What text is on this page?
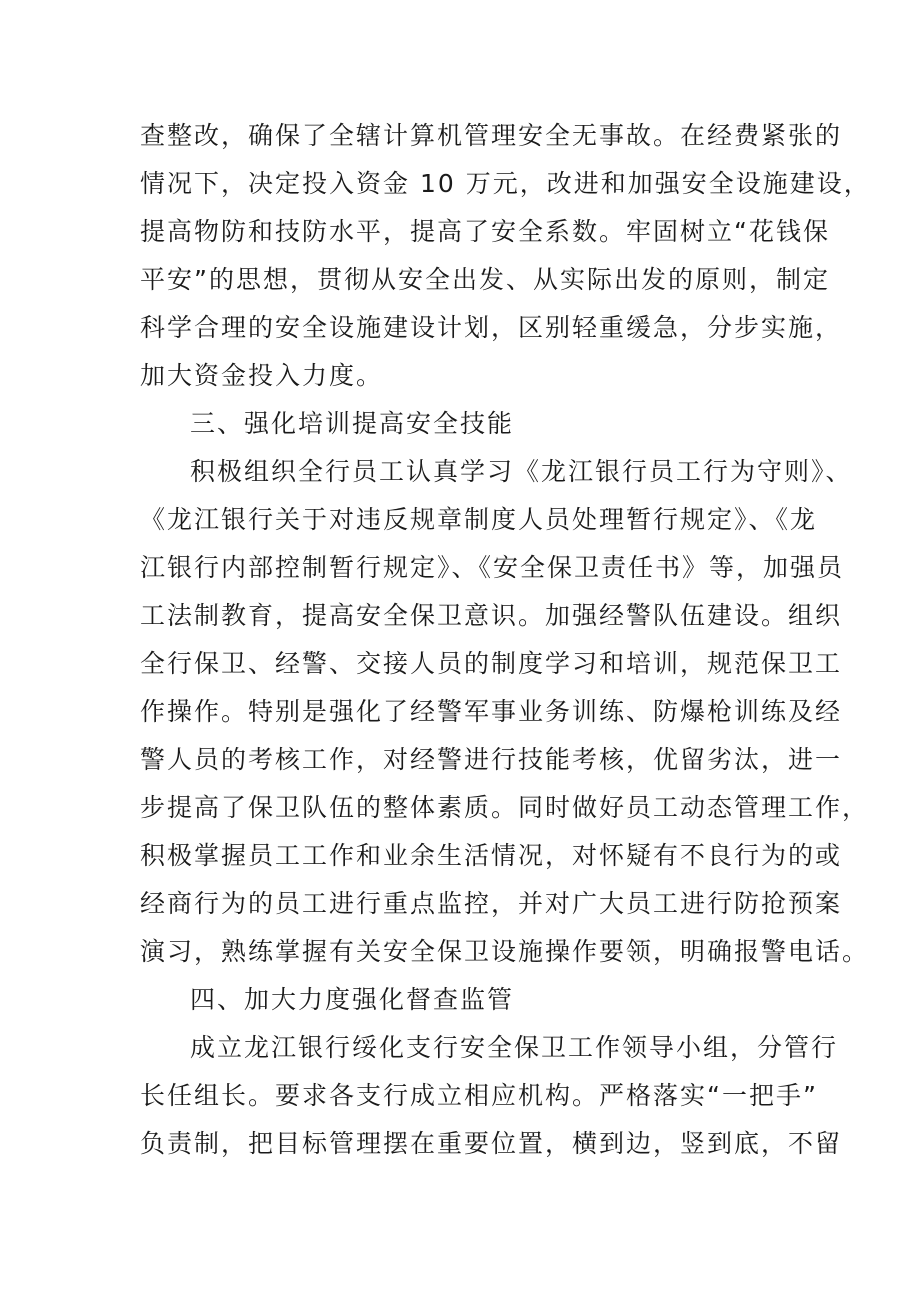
查整改，确保了全辖计算机管理安全无事故。在经费紧张的
情况下，决定投入资金 10 万元，改进和加强安全设施建设，
提高物防和技防水平，提高了安全系数。牢固树立“花钱保
平安”的思想，贯彻从安全出发、从实际出发的原则，制定
科学合理的安全设施建设计划，区别轻重缓急，分步实施，
加大资金投入力度。
三、强化培训提高安全技能
积极组织全行员工认真学习《龙江银行员工行为守则》、
《龙江银行关于对违反规章制度人员处理暂行规定》、《龙
江银行内部控制暂行规定》、《安全保卫责任书》等，加强员
工法制教育，提高安全保卫意识。加强经警队伍建设。组织
全行保卫、经警、交接人员的制度学习和培训，规范保卫工
作操作。特别是强化了经警军事业务训练、防爆枪训练及经
警人员的考核工作，对经警进行技能考核，优留劣汰，进一
步提高了保卫队伍的整体素质。同时做好员工动态管理工作，
积极掌握员工工作和业余生活情况，对怀疑有不良行为的或
经商行为的员工进行重点监控，并对广大员工进行防抢预案
演习，熟练掌握有关安全保卫设施操作要领，明确报警电话。
四、加大力度强化督查监管
成立龙江银行绥化支行安全保卫工作领导小组，分管行
长任组长。要求各支行成立相应机构。严格落实“一把手”
负责制，把目标管理摆在重要位置，横到边，竖到底，不留
